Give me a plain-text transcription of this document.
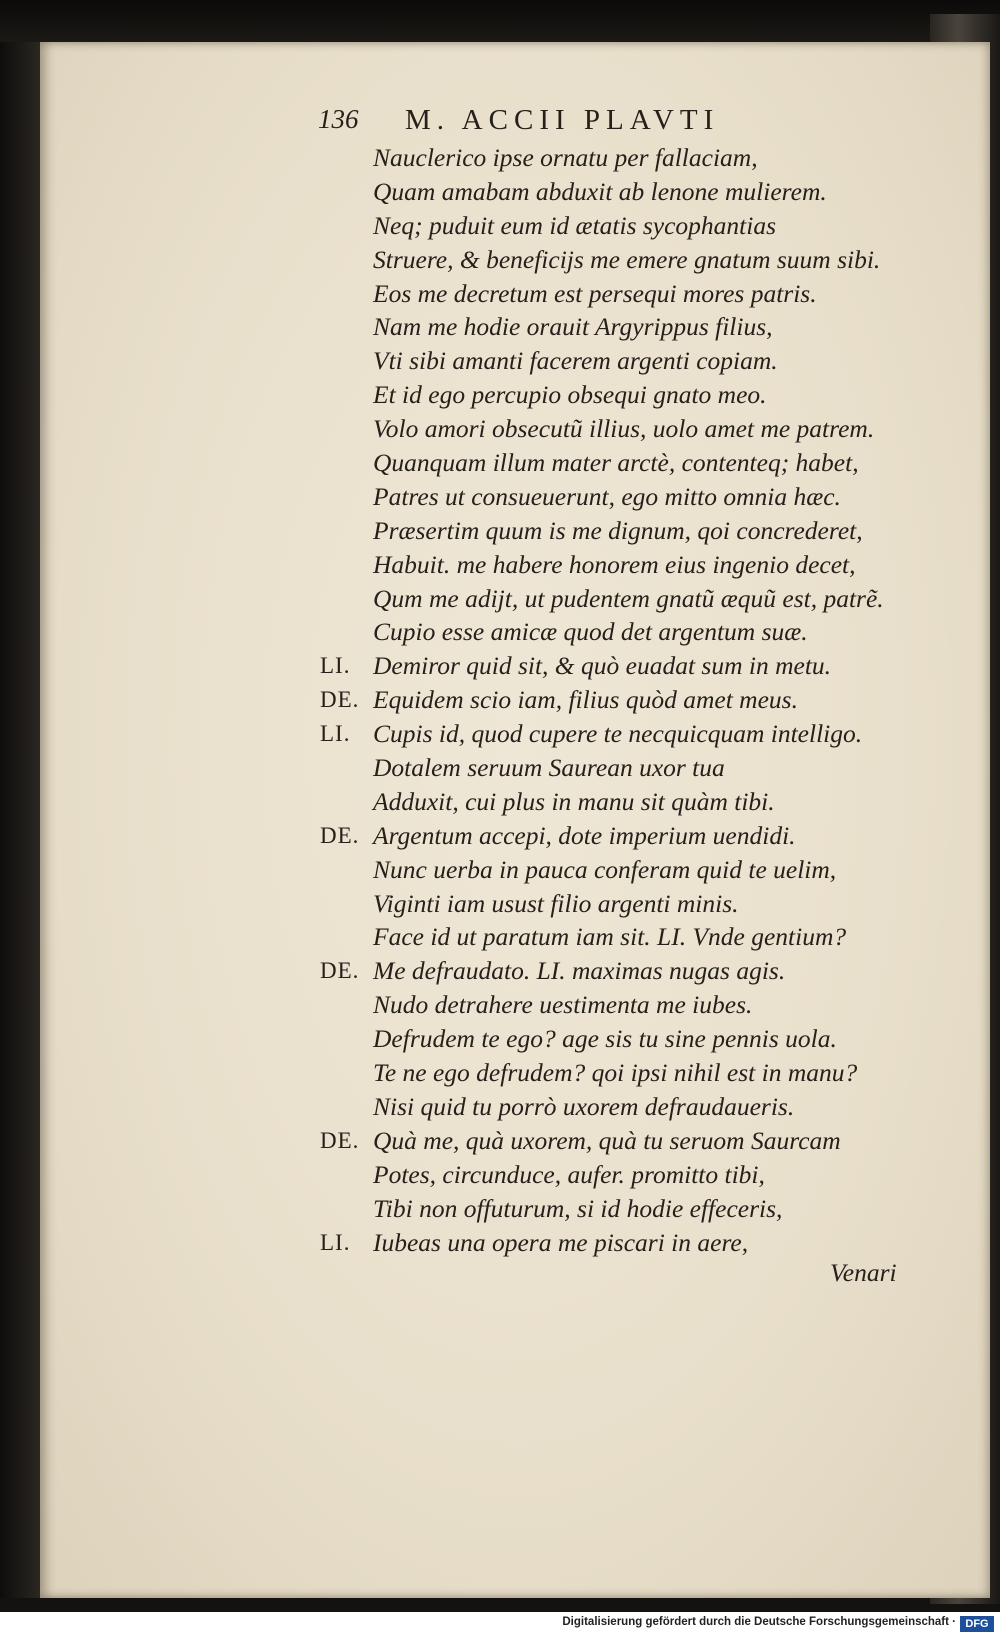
136 M. ACCII PLAVTI
Nauclerico ipse ornatu per fallaciam,
Quam amabam abduxit ab lenone mulierem.
Neq; puduit eum id ætatis sycophantias
Struere, & beneficijs me emere gnatum suum sibi.
Eos me decretum est persequi mores patris.
Nam me hodie orauit Argyrippus filius,
Vti sibi amanti facerem argenti copiam.
Et id ego percupio obsequi gnato meo.
Volo amori obsecutũ illius, uolo amet me patrem.
Quanquam illum mater arctè, contenteq; habet,
Patres ut consueuerunt, ego mitto omnia hæc.
Præsertim quum is me dignum, qoi concrederet,
Habuit. me habere honorem eius ingenio decet,
Qum me adijt, ut pudentem gnatũ æquũ est, patrẽ.
Cupio esse amicæ quod det argentum suæ.
LI. Demiror quid sit, & quò euadat sum in metu.
DE. Equidem scio iam, filius quòd amet meus.
LI. Cupis id, quod cupere te necquicquam intelligo.
Dotalem seruum Saurean uxor tua
Adduxit, cui plus in manu sit quàm tibi.
DE. Argentum accepi, dote imperium uendidi.
Nunc uerba in pauca conferam quid te uelim,
Viginti iam usust filio argenti minis.
Face id ut paratum iam sit. LI. Vnde gentium?
DE. Me defraudato. LI. maximas nugas agis.
Nudo detrahere uestimenta me iubes.
Defrudem te ego? age sis tu sine pennis uola.
Te ne ego defrudem? qoi ipsi nihil est in manu?
Nisi quid tu porrò uxorem defraudaueris.
DE. Quà me, quà uxorem, quà tu seruom Saurcam
Potes, circunduce, aufer. promitto tibi,
Tibi non offuturum, si id hodie effeceris,
LI. Iubeas una opera me piscari in aere,
Venari
Digitalisierung gefördert durch die Deutsche Forschungsgemeinschaft · DFG
